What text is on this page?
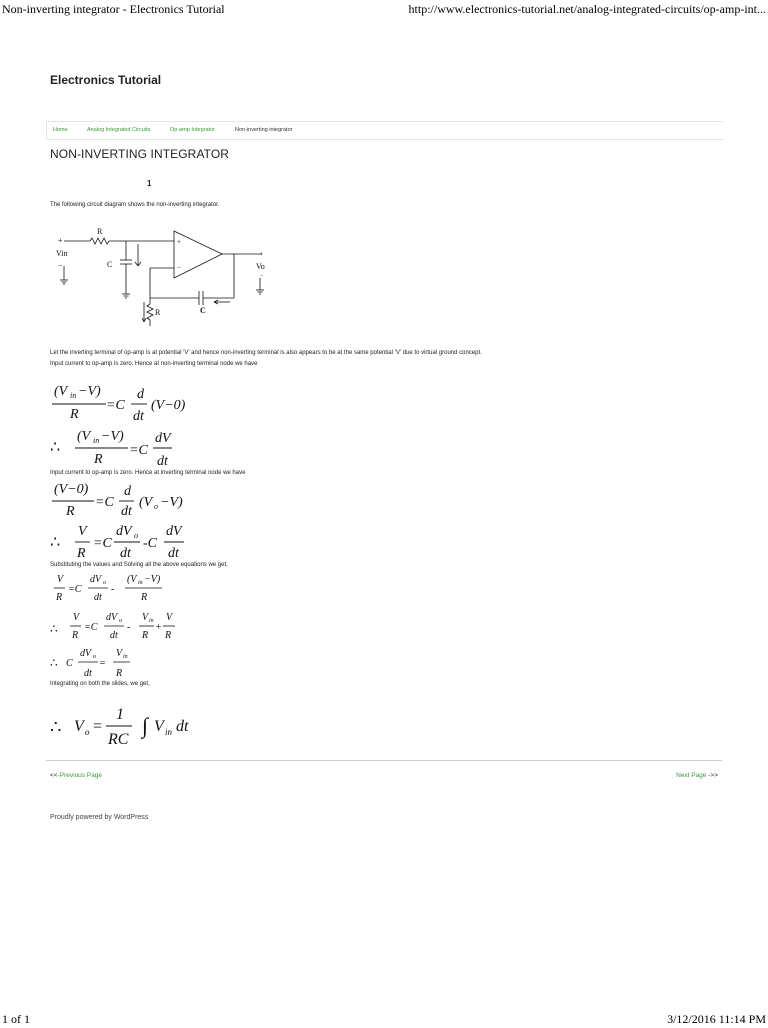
Non-inverting integrator - Electronics Tutorial	http://www.electronics-tutorial.net/analog-integrated-circuits/op-amp-int...
Electronics Tutorial
Home	Analog Integrated Circuits	Op-amp Integrator	Non-inverting integrator
NON-INVERTING INTEGRATOR
1
The following circuit diagram shows the non-inverting integrator.
R
+
Vin
−	C
+
−
+
Vo
−
R	C
Let the inverting terminal of op-amp is at potential ‘V’ and hence non-inverting terminal is also appears to be at the same potential ‘V’ due to virtual ground concept.
Input current to op-amp is zero. Hence at non-inverting terminal node we have
(V in −V)
R
=C
d
dt
(V−0)
∴
(V in −V)
R
=C
dV
dt
Input current to op-amp is zero. Hence at inverting terminal node we have
(V−0)
R
=C
d
dt
(V o −V)
∴
V
R
=C
dV o
dt
-C
dV
dt
Substituting the values and Solving all the above equations we get,
V
R
=C
dV o
dt
-
(V in −V)
R
∴
V
R
=C
dV o
dt
-
V in
R
+
V
R
∴ C
dV o
dt
=
V in
R
Integrating on both the slides, we get,
∴ V o =
1
RC
∫ V in dt
<<-Previous Page	Next Page ->>
Proudly powered by WordPress
1 of 1	3/12/2016 11:14 PM
